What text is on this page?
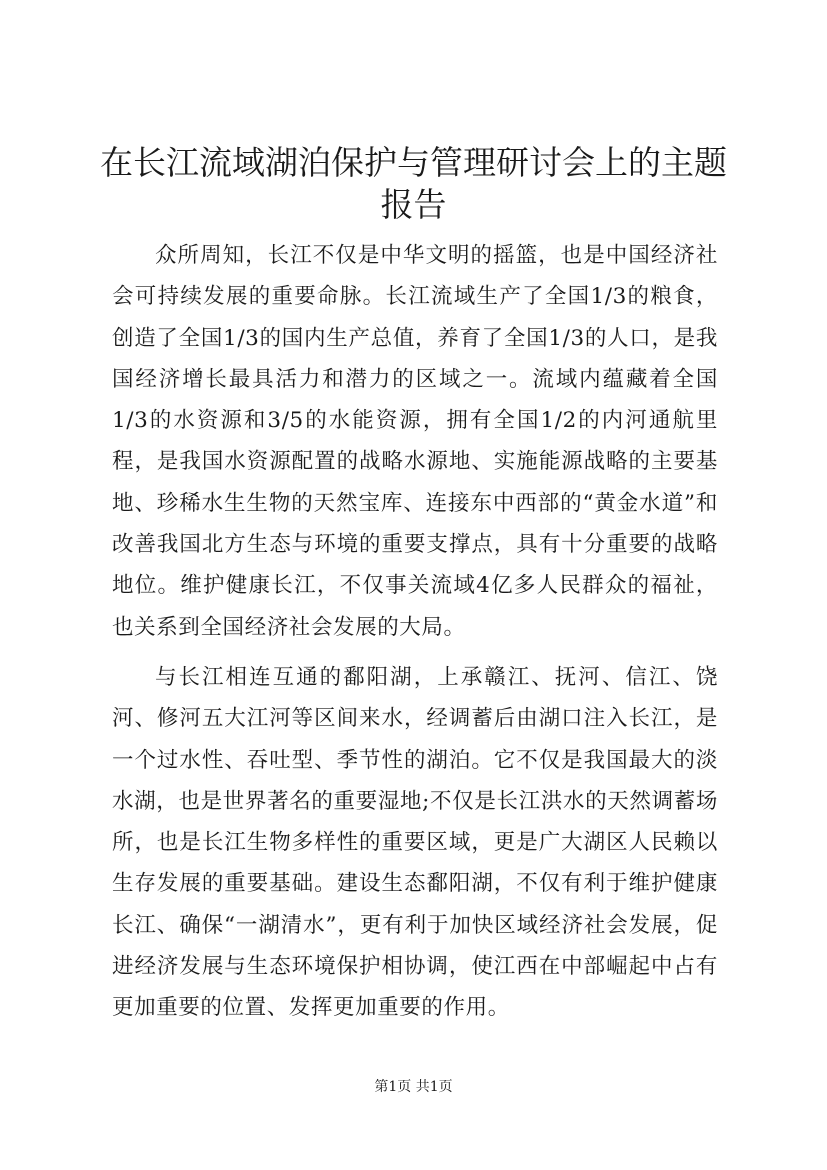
在长江流域湖泊保护与管理研讨会上的主题报告

众所周知，长江不仅是中华文明的摇篮，也是中国经济社会可持续发展的重要命脉。长江流域生产了全国1/3的粮食，创造了全国1/3的国内生产总值，养育了全国1/3的人口，是我国经济增长最具活力和潜力的区域之一。流域内蕴藏着全国1/3的水资源和3/5的水能资源，拥有全国1/2的内河通航里程，是我国水资源配置的战略水源地、实施能源战略的主要基地、珍稀水生生物的天然宝库、连接东中西部的“黄金水道”和改善我国北方生态与环境的重要支撑点，具有十分重要的战略地位。维护健康长江，不仅事关流域4亿多人民群众的福祉，也关系到全国经济社会发展的大局。

与长江相连互通的鄱阳湖，上承赣江、抚河、信江、饶河、修河五大江河等区间来水，经调蓄后由湖口注入长江，是一个过水性、吞吐型、季节性的湖泊。它不仅是我国最大的淡水湖，也是世界著名的重要湿地;不仅是长江洪水的天然调蓄场所，也是长江生物多样性的重要区域，更是广大湖区人民赖以生存发展的重要基础。建设生态鄱阳湖，不仅有利于维护健康长江、确保“一湖清水”，更有利于加快区域经济社会发展，促进经济发展与生态环境保护相协调，使江西在中部崛起中占有更加重要的位置、发挥更加重要的作用。

第1页 共1页
